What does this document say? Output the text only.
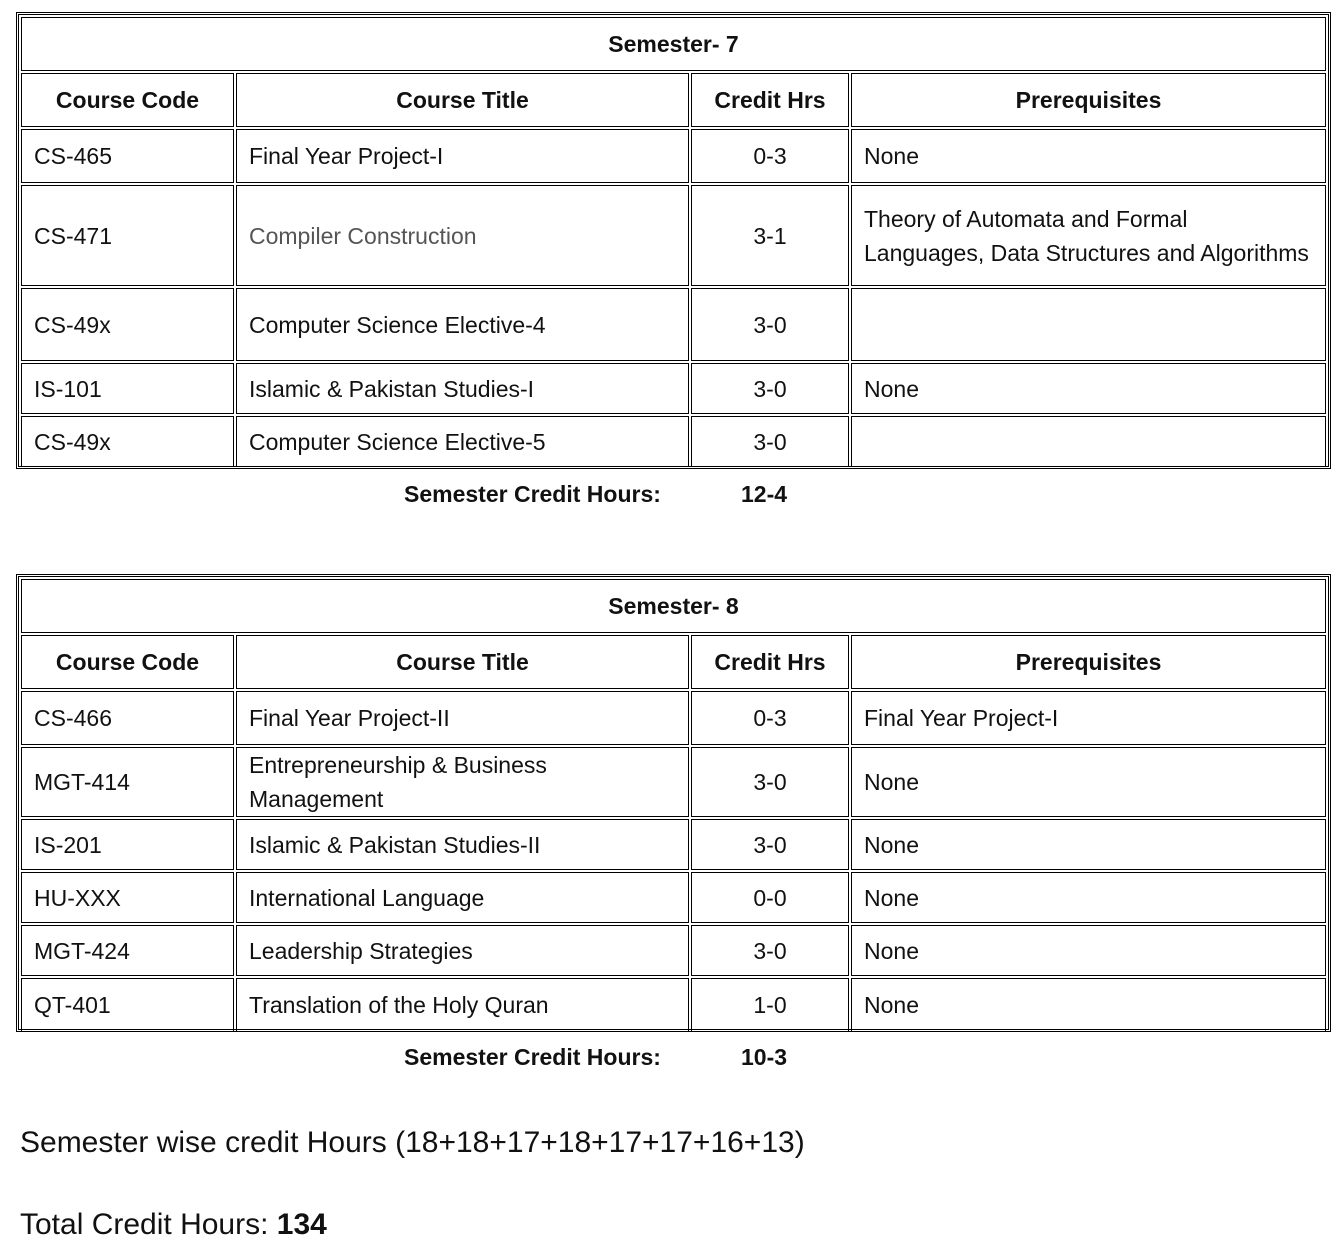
Semester- 7			
Course Code	Course Title	Credit Hrs	Prerequisites
CS-465	Final Year Project-I	0-3	None
CS-471	Compiler Construction	3-1	Theory of Automata and Formal Languages, Data Structures and Algorithms
CS-49x	Computer Science Elective-4	3-0	
IS-101	Islamic & Pakistan Studies-I	3-0	None
CS-49x	Computer Science Elective-5	3-0	
Semester Credit Hours:	12-4
Semester- 8			
Course Code	Course Title	Credit Hrs	Prerequisites
CS-466	Final Year Project-II	0-3	Final Year Project-I
MGT-414	Entrepreneurship & Business Management	3-0	None
IS-201	Islamic & Pakistan Studies-II	3-0	None
HU-XXX	International Language	0-0	None
MGT-424	Leadership Strategies	3-0	None
QT-401	Translation of the Holy Quran	1-0	None
Semester Credit Hours:	10-3
Semester wise credit Hours (18+18+17+18+17+17+16+13)
Total Credit Hours: 134
